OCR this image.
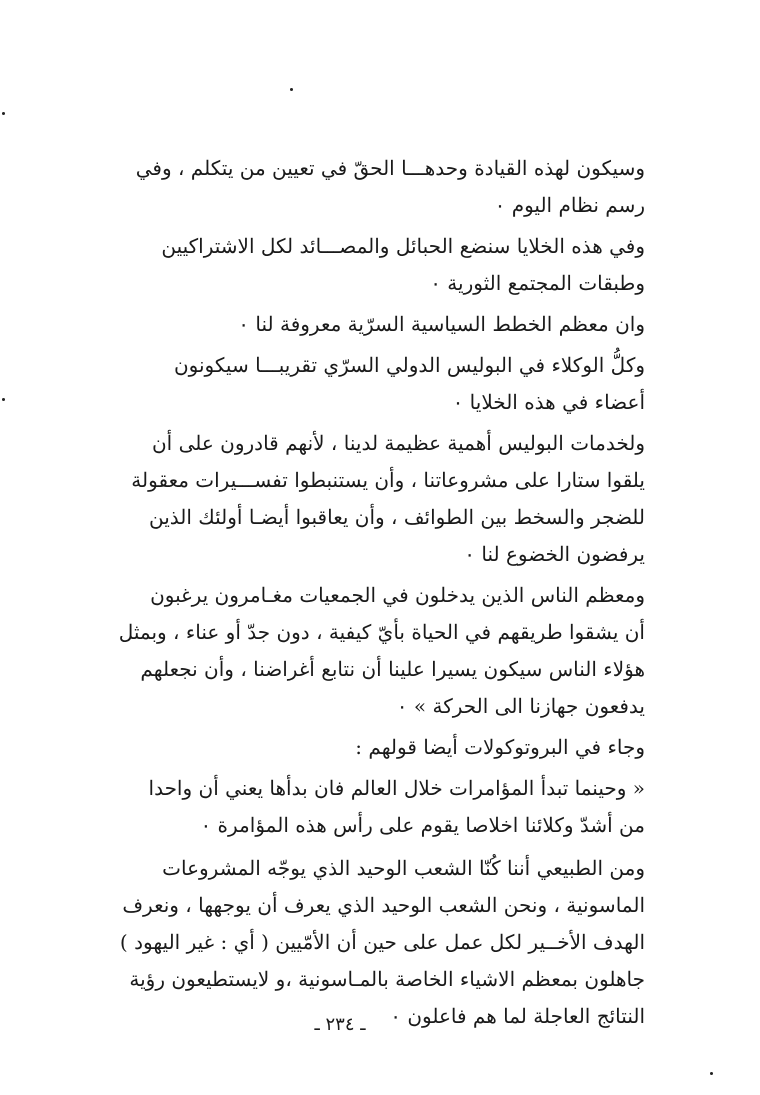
وسيكون لهذه القيادة وحدهـــا الحقّ في تعيين من يتكلم ، وفي
رسم نظام اليوم ٠

وفي هذه الخلايا سنضع الحبائل والمصـــائد لكل الاشتراكيين
وطبقات المجتمع الثورية ٠

وان معظم الخطط السياسية السرّية معروفة لنا ٠

وكلُّ الوكلاء في البوليس الدولي السرّي تقريبـــا سيكونون
أعضاء في هذه الخلايا ٠

ولخدمات البوليس أهمية عظيمة لدينا ، لأنهم قادرون على أن
يلقوا ستارا على مشروعاتنا ، وأن يستنبطوا تفســـيرات معقولة
للضجر والسخط بين الطوائف ، وأن يعاقبوا أيضـا أولئك الذين
يرفضون الخضوع لنا ٠

ومعظم الناس الذين يدخلون في الجمعيات مغـامرون يرغبون
أن يشقوا طريقهم في الحياة بأيّ كيفية ، دون جدّ أو عناء ، وبمثل
هؤلاء الناس سيكون يسيرا علينا أن نتابع أغراضنا ، وأن نجعلهم
يدفعون جهازنا الى الحركة » ٠

وجاء في البروتوكولات أيضا قولهم :

« وحينما تبدأ المؤامرات خلال العالم فان بدأها يعني أن واحدا
من أشدّ وكلائنا اخلاصا يقوم على رأس هذه المؤامرة ٠

ومن الطبيعي أننا كُنّا الشعب الوحيد الذي يوجّه المشروعات
الماسونية ، ونحن الشعب الوحيد الذي يعرف أن يوجهها ، ونعرف
الهدف الأخــير لكل عمل على حين أن الأمّيين ( أي : غير اليهود )
جاهلون بمعظم الاشياء الخاصة بالمـاسونية ،و لايستطيعون رؤية
النتائج العاجلة لما هم فاعلون ٠

ـ ٢٣٤ ـ
